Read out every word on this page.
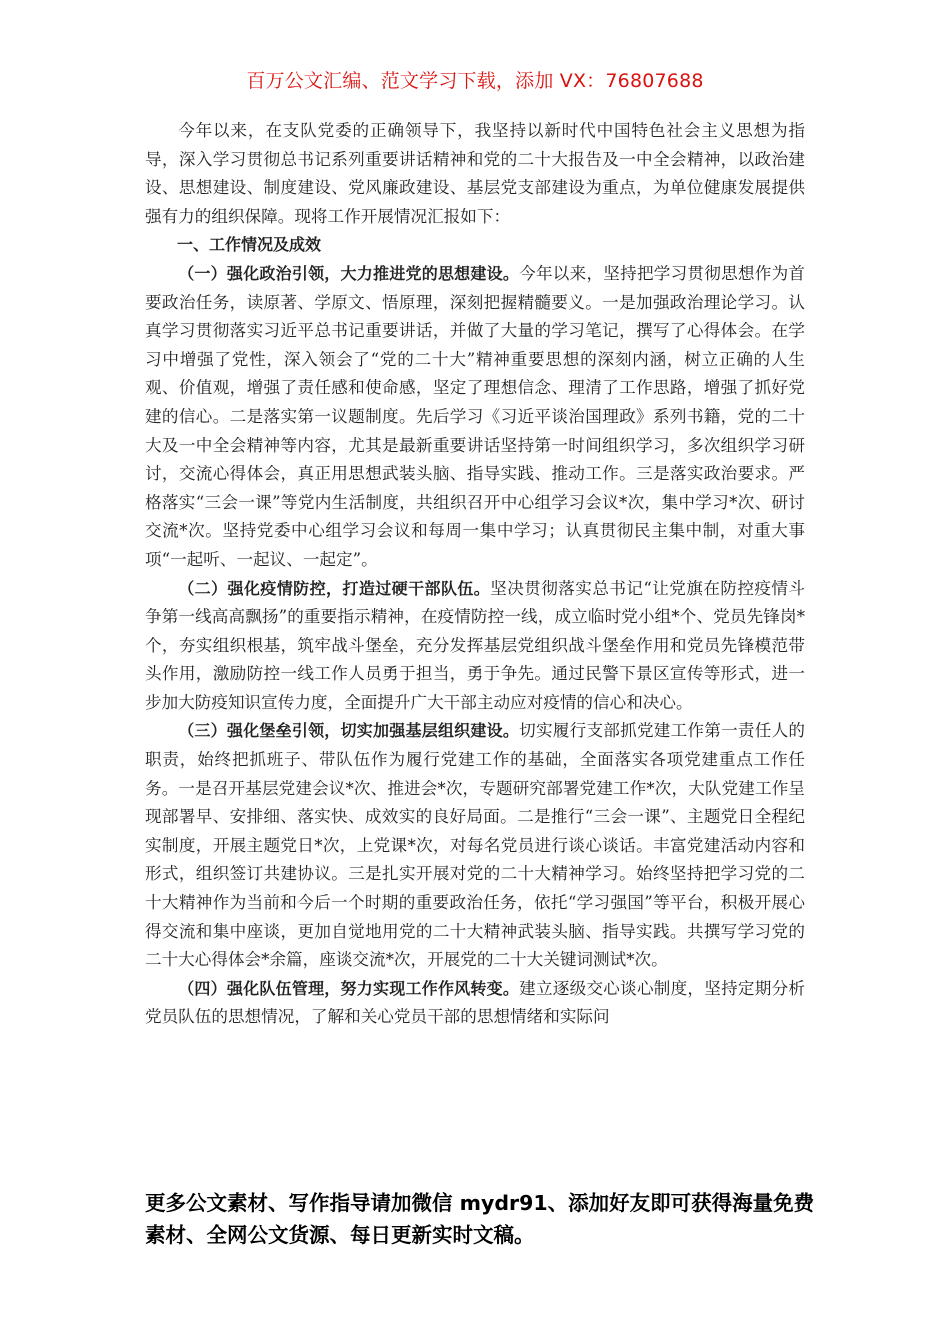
百万公文汇编、范文学习下载，添加 VX：76807688

今年以来，在支队党委的正确领导下，我坚持以新时代中国特色社会主义思想为指导，深入学习贯彻总书记系列重要讲话精神和党的二十大报告及一中全会精神，以政治建设、思想建设、制度建设、党风廉政建设、基层党支部建设为重点，为单位健康发展提供强有力的组织保障。现将工作开展情况汇报如下：

一、工作情况及成效

（一）强化政治引领，大力推进党的思想建设。今年以来，坚持把学习贯彻思想作为首要政治任务，读原著、学原文、悟原理，深刻把握精髓要义。一是加强政治理论学习。认真学习贯彻落实习近平总书记重要讲话，并做了大量的学习笔记，撰写了心得体会。在学习中增强了党性，深入领会了“党的二十大”精神重要思想的深刻内涵，树立正确的人生观、价值观，增强了责任感和使命感，坚定了理想信念、理清了工作思路，增强了抓好党建的信心。二是落实第一议题制度。先后学习《习近平谈治国理政》系列书籍，党的二十大及一中全会精神等内容，尤其是最新重要讲话坚持第一时间组织学习，多次组织学习研讨，交流心得体会，真正用思想武装头脑、指导实践、推动工作。三是落实政治要求。严格落实“三会一课”等党内生活制度，共组织召开中心组学习会议*次，集中学习*次、研讨交流*次。坚持党委中心组学习会议和每周一集中学习；认真贯彻民主集中制，对重大事项“一起听、一起议、一起定”。

（二）强化疫情防控，打造过硬干部队伍。坚决贯彻落实总书记“让党旗在防控疫情斗争第一线高高飘扬”的重要指示精神，在疫情防控一线，成立临时党小组*个、党员先锋岗*个，夯实组织根基，筑牢战斗堡垒，充分发挥基层党组织战斗堡垒作用和党员先锋模范带头作用，激励防控一线工作人员勇于担当，勇于争先。通过民警下景区宣传等形式，进一步加大防疫知识宣传力度，全面提升广大干部主动应对疫情的信心和决心。

（三）强化堡垒引领，切实加强基层组织建设。切实履行支部抓党建工作第一责任人的职责，始终把抓班子、带队伍作为履行党建工作的基础，全面落实各项党建重点工作任务。一是召开基层党建会议*次、推进会*次，专题研究部署党建工作*次，大队党建工作呈现部署早、安排细、落实快、成效实的良好局面。二是推行“三会一课”、主题党日全程纪实制度，开展主题党日*次，上党课*次，对每名党员进行谈心谈话。丰富党建活动内容和形式，组织签订共建协议。三是扎实开展对党的二十大精神学习。始终坚持把学习党的二十大精神作为当前和今后一个时期的重要政治任务，依托“学习强国”等平台，积极开展心得交流和集中座谈，更加自觉地用党的二十大精神武装头脑、指导实践。共撰写学习党的二十大心得体会*余篇，座谈交流*次，开展党的二十大关键词测试*次。

（四）强化队伍管理，努力实现工作作风转变。建立逐级交心谈心制度，坚持定期分析党员队伍的思想情况，了解和关心党员干部的思想情绪和实际问

更多公文素材、写作指导请加微信 mydr91、添加好友即可获得海量免费素材、全网公文货源、每日更新实时文稿。
